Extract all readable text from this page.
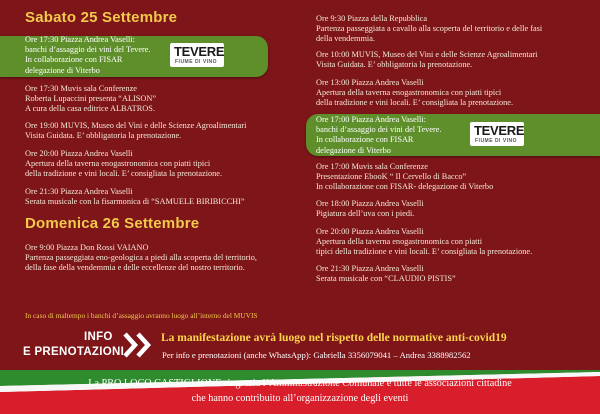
Sabato 25 Settembre
Ore 17:30 Piazza Andrea Vaselli:
banchi d’assaggio dei vini del Tevere.
In collaborazione con FISAR
delegazione di Viterbo
TEVERE
FIUME DI VINO
Ore 17:30 Muvis sala Conferenze
Roberta Lupaccini presenta “ALISON”
A cura della casa editrice ALBATROS.
Ore 19:00 MUVIS, Museo del Vini e delle Scienze Agroalimentari
Visita Guidata. E’ obbligatoria la prenotazione.
Ore 20:00 Piazza Andrea Vaselli
Apertura della taverna enogastronomica con piatti tipici
della tradizione e vini locali. E’ consigliata la prenotazione.
Ore 21:30 Piazza Andrea Vaselli
Serata musicale con la fisarmonica di “SAMUELE BIRIBICCHI”
Domenica 26 Settembre
Ore 9:00 Piazza Don Rossi VAIANO
Partenza passeggiata eno-geologica a piedi alla scoperta del territorio,
della fase della vendemmia e delle eccellenze del nostro territorio.
Ore 9:30 Piazza della Repubblica
Partenza passeggiata a cavallo alla scoperta del territorio e delle fasi
della vendemmia.
Ore 10:00 MUVIS, Museo del Vini e delle Scienze Agroalimentari
Visita Guidata. E’ obbligatoria la prenotazione.
Ore 13:00 Piazza Andrea Vaselli
Apertura della taverna enogastronomica con piatti tipici
della tradizione e vini locali. E’ consigliata la prenotazione.
Ore 17:00 Piazza Andrea Vaselli:
banchi d’assaggio dei vini del Tevere.
In collaborazione con FISAR
delegazione di Viterbo
TEVERE
FIUME DI VINO
Ore 17:00 Muvis sala Conferenze
Presentazione EbooK “ Il Cervello di Bacco”
In collaborazione con FISAR- delegazione di Viterbo
Ore 18:00 Piazza Andrea Vaselli
Pigiatura dell’uva con i piedi.
Ore 20:00 Piazza Andrea Vaselli
Apertura della taverna enogastronomica con piatti
tipici della tradizione e vini locali. E’ consigliata la prenotazione.
Ore 21:30 Piazza Andrea Vaselli
Serata musicale con “CLAUDIO PISTIS”
In caso di maltempo i banchi d’assaggio avranno luogo all’interno del MUVIS
INFO
E PRENOTAZIONI
La manifestazione avrà luogo nel rispetto delle normative anti-covid19
Per info e prenotazioni (anche WhatsApp): Gabriella 3356079041 – Andrea 3388982562
La PRO LOCO CASTIGLIONE ringrazia l’Amministrazione Comunale e tutte le associazioni cittadine
che hanno contribuito all’organizzazione degli eventi
